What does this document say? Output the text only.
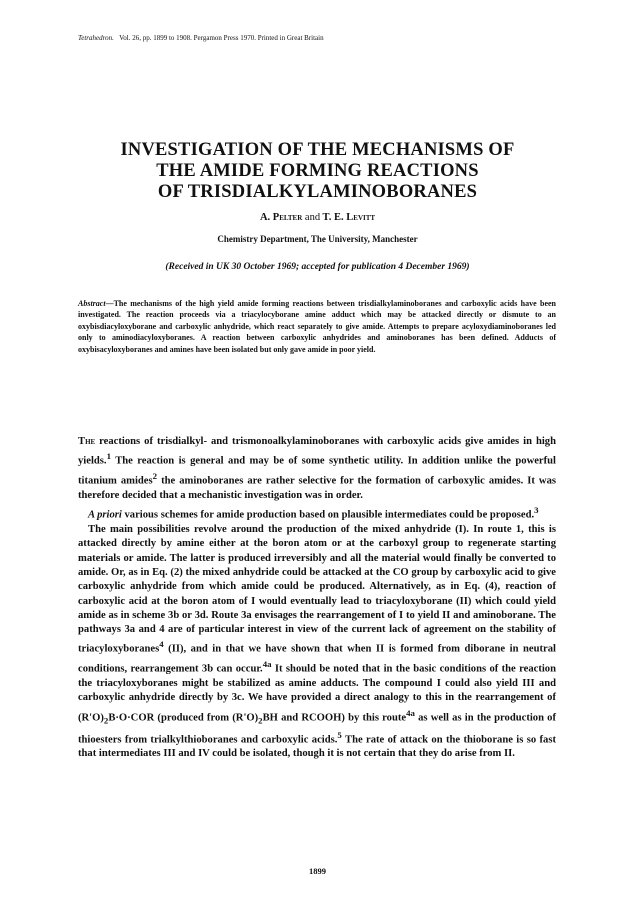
Tetrahedron. Vol. 26, pp. 1899 to 1908. Pergamon Press 1970. Printed in Great Britain
INVESTIGATION OF THE MECHANISMS OF
THE AMIDE FORMING REACTIONS
OF TRISDIALKYLAMINOBORANES
A. Pelter and T. E. Levitt
Chemistry Department, The University, Manchester
(Received in UK 30 October 1969; accepted for publication 4 December 1969)
Abstract—The mechanisms of the high yield amide forming reactions between trisdialkylaminoboranes and carboxylic acids have been investigated. The reaction proceeds via a triacylocyborane amine adduct which may be attacked directly or dismute to an oxybisdiacyloxyborane and carboxylic anhydride, which react separately to give amide. Attempts to prepare acyloxydiaminoboranes led only to aminodiacyloxyboranes. A reaction between carboxylic anhydrides and aminoboranes has been defined. Adducts of oxybisacyloxyboranes and amines have been isolated but only gave amide in poor yield.

The reactions of trisdialkyl- and trismonoalkylaminoboranes with carboxylic acids give amides in high yields.$^1$ The reaction is general and may be of some synthetic utility. In addition unlike the powerful titanium amides$^2$ the aminoboranes are rather selective for the formation of carboxylic amides. It was therefore decided that a mechanistic investigation was in order.

A priori various schemes for amide production based on plausible intermediates could be proposed.$^3$

The main possibilities revolve around the production of the mixed anhydride (I). In route 1, this is attacked directly by amine either at the boron atom or at the carboxyl group to regenerate starting materials or amide. The latter is produced irreversibly and all the material would finally be converted to amide. Or, as in Eq. (2) the mixed anhydride could be attacked at the CO group by carboxylic acid to give carboxylic anhydride from which amide could be produced. Alternatively, as in Eq. (4), reaction of carboxylic acid at the boron atom of I would eventually lead to triacyloxyborane (II) which could yield amide as in scheme 3b or 3d. Route 3a envisages the rearrangement of I to yield II and aminoborane. The pathways 3a and 4 are of particular interest in view of the current lack of agreement on the stability of triacyloxyboranes$^4$ (II), and in that we have shown that when II is formed from diborane in neutral conditions, rearrangement 3b can occur.$^{4a}$ It should be noted that in the basic conditions of the reaction the triacyloxyboranes might be stabilized as amine adducts. The compound I could also yield III and carboxylic anhydride directly by 3c. We have provided a direct analogy to this in the rearrangement of $(R'O)_2B\cdot O\cdot COR$ (produced from $(R'O)_2BH$ and RCOOH) by this route$^{4a}$ as well as in the production of thioesters from trialkylthioboranes and carboxylic acids.$^5$ The rate of attack on the thioborane is so fast that intermediates III and IV could be isolated, though it is not certain that they do arise from II.

1899
